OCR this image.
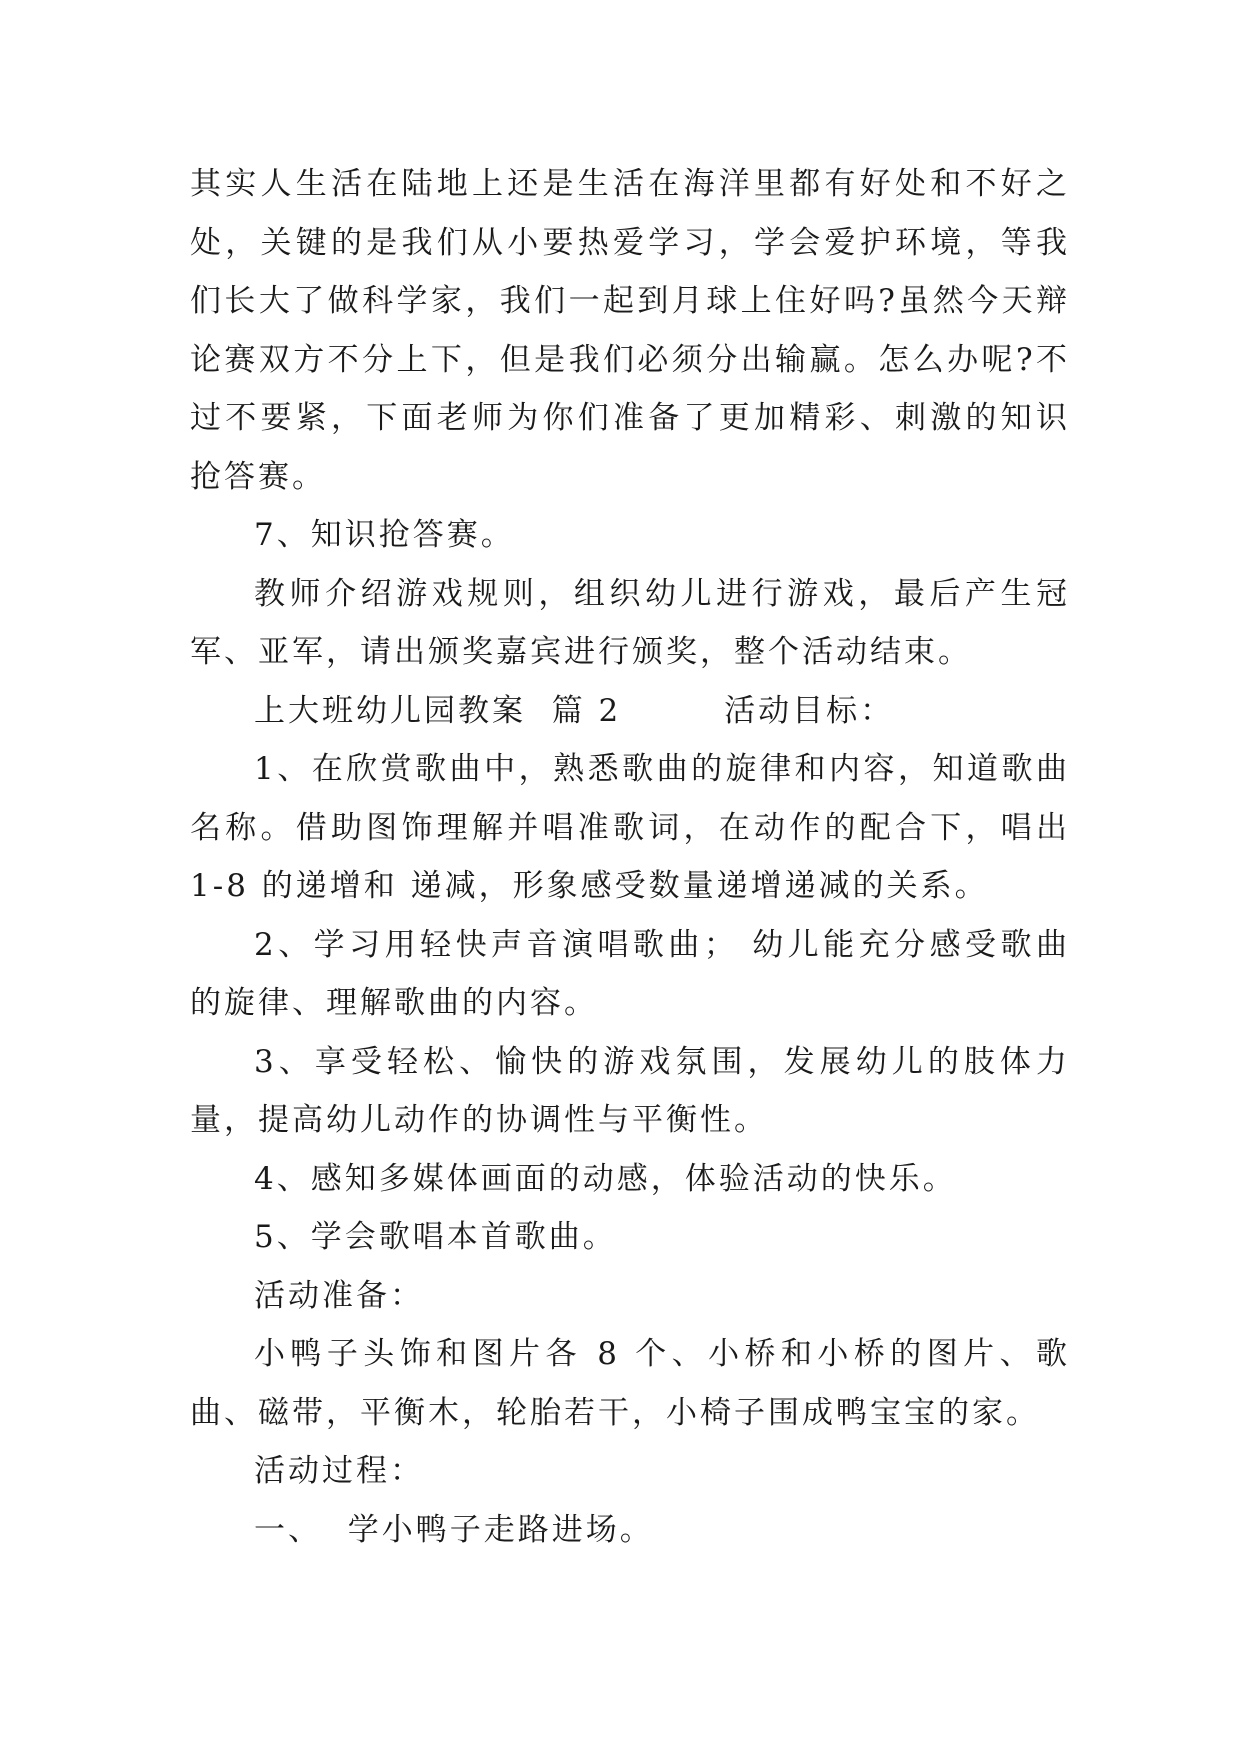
其实人生活在陆地上还是生活在海洋里都有好处和不好之处，关键的是我们从小要热爱学习，学会爱护环境，等我们长大了做科学家，我们一起到月球上住好吗?虽然今天辩论赛双方不分上下，但是我们必须分出输赢。怎么办呢?不过不要紧，下面老师为你们准备了更加精彩、刺激的知识抢答赛。

7、知识抢答赛。

教师介绍游戏规则，组织幼儿进行游戏，最后产生冠军、亚军，请出颁奖嘉宾进行颁奖，整个活动结束。

上大班幼儿园教案  篇 2        活动目标：

1、在欣赏歌曲中，熟悉歌曲的旋律和内容，知道歌曲名称。借助图饰理解并唱准歌词，在动作的配合下，唱出 1-8 的递增和 递减，形象感受数量递增递减的关系。

2、学习用轻快声音演唱歌曲； 幼儿能充分感受歌曲的旋律、理解歌曲的内容。

3、享受轻松、愉快的游戏氛围，发展幼儿的肢体力量，提高幼儿动作的协调性与平衡性。

4、感知多媒体画面的动感，体验活动的快乐。

5、学会歌唱本首歌曲。

活动准备：

小鸭子头饰和图片各 8 个、小桥和小桥的图片、歌曲、磁带，平衡木，轮胎若干，小椅子围成鸭宝宝的家。

活动过程：

一、  学小鸭子走路进场。
